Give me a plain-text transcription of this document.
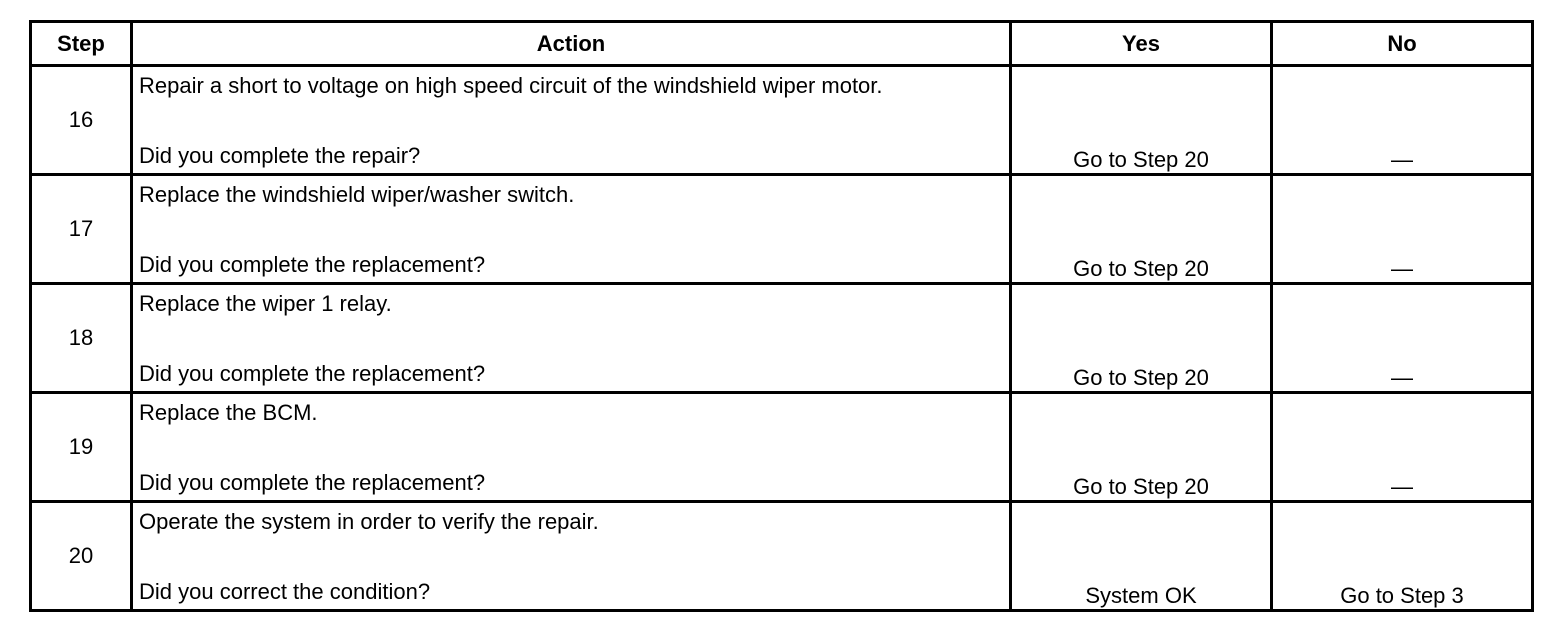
Step	Action	Yes	No
16	Repair a short to voltage on high speed circuit of the windshield wiper motor.
Did you complete the repair?	Go to Step 20	—

17	Replace the windshield wiper/washer switch.
Did you complete the replacement?	Go to Step 20	—

18	Replace the wiper 1 relay.
Did you complete the replacement?	Go to Step 20	—

19	Replace the BCM.
Did you complete the replacement?	Go to Step 20	—

20	Operate the system in order to verify the repair.
Did you correct the condition?	System OK	Go to Step 3
